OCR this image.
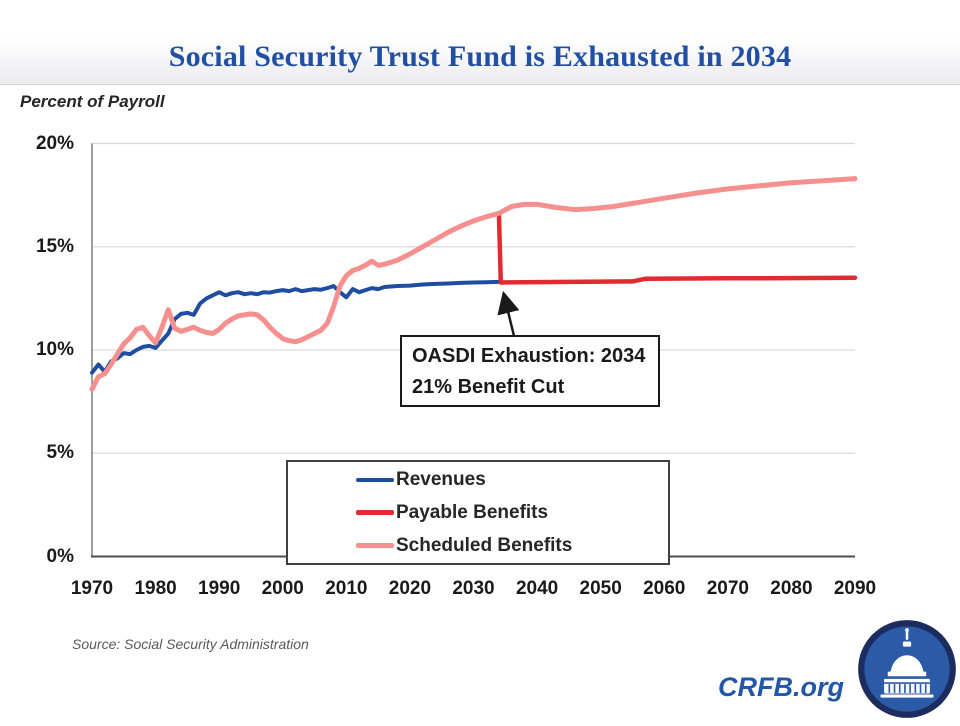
Social Security Trust Fund is Exhausted in 2034
Percent of Payroll
0%
5%
10%
15%
20%
1970	1980	1990	2000	2010	2020	2030	2040	2050	2060	2070	2080	2090
OASDI Exhaustion: 2034
21% Benefit Cut
Revenues
Payable Benefits
Scheduled Benefits
Source: Social Security Administration
CRFB.org
